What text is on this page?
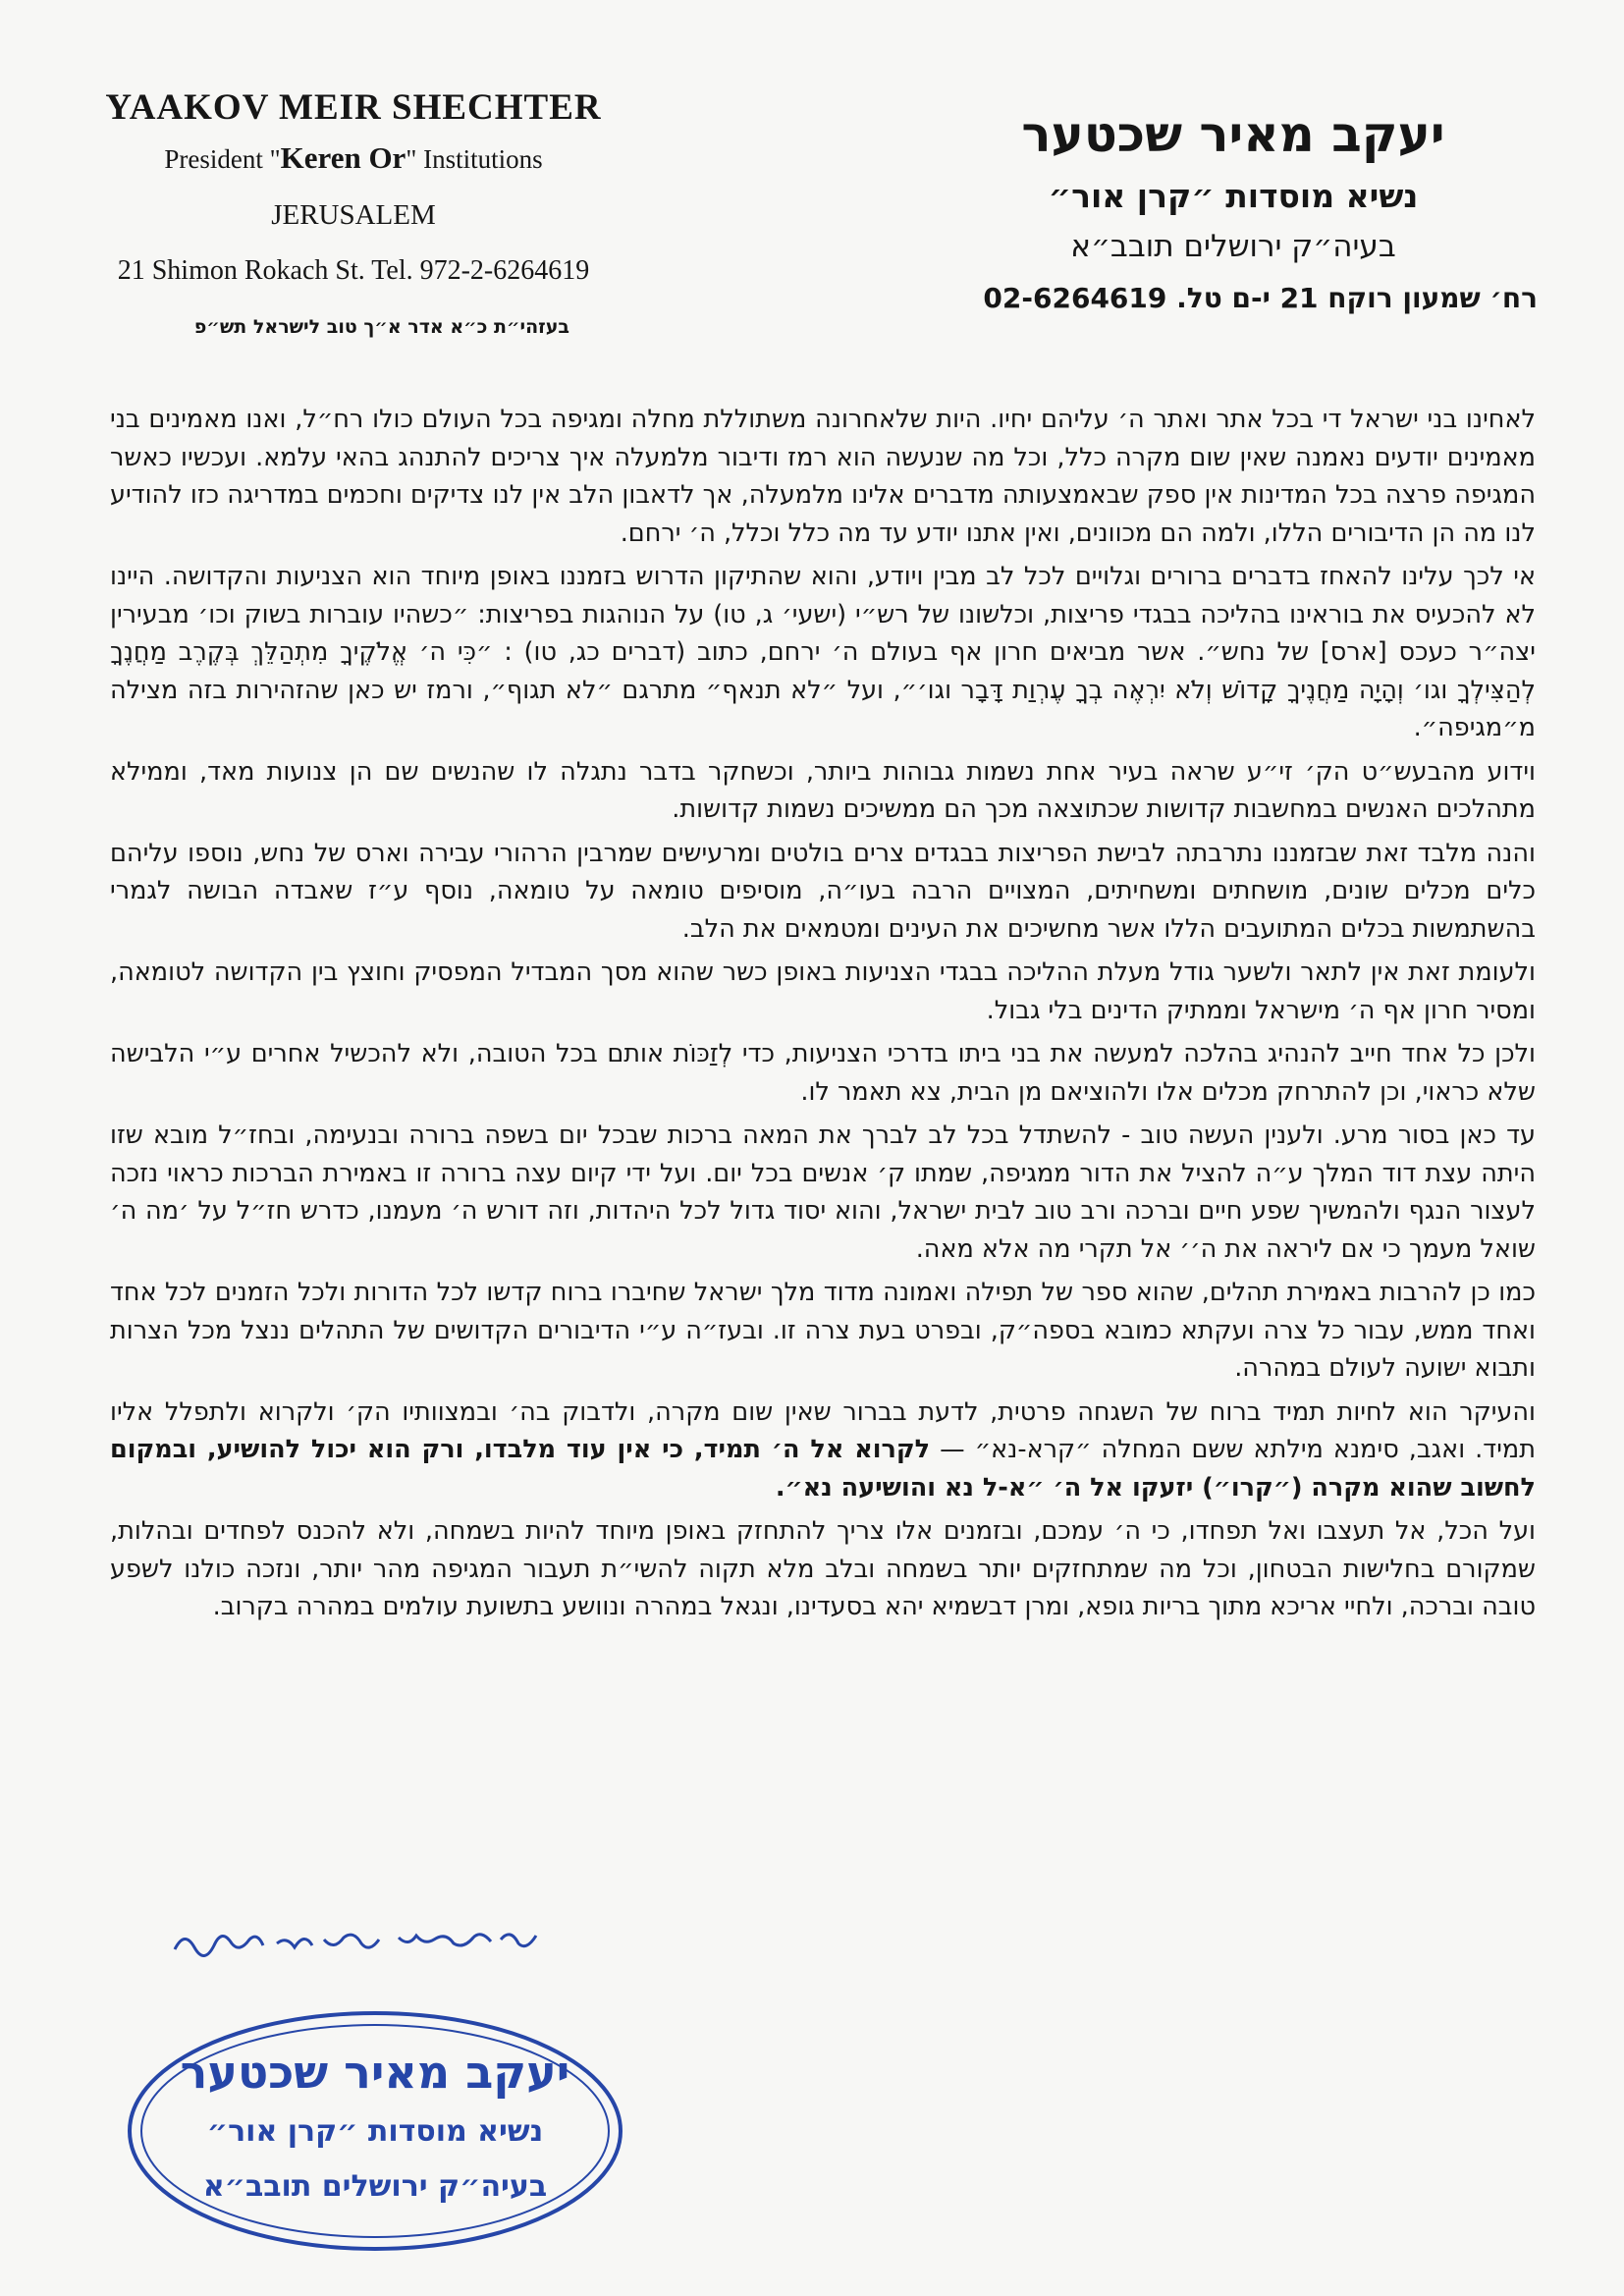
YAAKOV MEIR SHECHTER
President "Keren Or" Institutions
JERUSALEM
21 Shimon Rokach St. Tel. 972-2-6264619
יעקב מאיר שכטער
נשיא מוסדות ״קרן אור״
בעיה״ק ירושלים תובב״א
רח׳ שמעון רוקח 21 י-ם טל. 02-6264619
בעזהי״ת כ״א אדר א״ך טוב לישראל תש״פ

לאחינו בני ישראל די בכל אתר ואתר ה׳ עליהם יחיו. היות שלאחרונה משתוללת מחלה ומגיפה בכל העולם כולו רח״ל, ואנו מאמינים בני מאמינים יודעים נאמנה שאין שום מקרה כלל, וכל מה שנעשה הוא רמז ודיבור מלמעלה איך צריכים להתנהג בהאי עלמא. ועכשיו כאשר המגיפה פרצה בכל המדינות אין ספק שבאמצעותה מדברים אלינו מלמעלה, אך לדאבון הלב אין לנו צדיקים וחכמים במדריגה כזו להודיע לנו מה הן הדיבורים הללו, ולמה הם מכוונים, ואין אתנו יודע עד מה כלל וכלל, ה׳ ירחם.

אי לכך עלינו להאחז בדברים ברורים וגלויים לכל לב מבין ויודע, והוא שהתיקון הדרוש בזמננו באופן מיוחד הוא הצניעות והקדושה. היינו לא להכעיס את בוראינו בהליכה בבגדי פריצות, וכלשונו של רש״י (ישעי׳ ג, טו) על הנוהגות בפריצות: ״כשהיו עוברות בשוק וכו׳ מבעירין יצה״ר כעכס [ארס] של נחש״. אשר מביאים חרון אף בעולם ה׳ ירחם, כתוב (דברים כג, טו) : ״כִּי ה׳ אֱלֹקֶיךָ מִתְהַלֵּךְ בְּקֶרֶב מַחֲנֶךָ לְהַצִּילְךָ וגו׳ וְהָיָה מַחֲנֶיךָ קָדוֹשׁ וְלֹא יִרְאֶה בְךָ עֶרְוַת דָּבָר וגו׳״, ועל ״לא תנאף״ מתרגם ״לא תגוף״, ורמז יש כאן שהזהירות בזה מצילה מ״מגיפה״.

וידוע מהבעש״ט הק׳ זי״ע שראה בעיר אחת נשמות גבוהות ביותר, וכשחקר בדבר נתגלה לו שהנשים שם הן צנועות מאד, וממילא מתהלכים האנשים במחשבות קדושות שכתוצאה מכך הם ממשיכים נשמות קדושות.

והנה מלבד זאת שבזמננו נתרבתה לבישת הפריצות בבגדים צרים בולטים ומרעישים שמרבין הרהורי עבירה וארס של נחש, נוספו עליהם כלים מכלים שונים, מושחתים ומשחיתים, המצויים הרבה בעו״ה, מוסיפים טומאה על טומאה, נוסף ע״ז שאבדה הבושה לגמרי בהשתמשות בכלים המתועבים הללו אשר מחשיכים את העינים ומטמאים את הלב.

ולעומת זאת אין לתאר ולשער גודל מעלת ההליכה בבגדי הצניעות באופן כשר שהוא מסך המבדיל המפסיק וחוצץ בין הקדושה לטומאה, ומסיר חרון אף ה׳ מישראל וממתיק הדינים בלי גבול.

ולכן כל אחד חייב להנהיג בהלכה למעשה את בני ביתו בדרכי הצניעות, כדי לְזַכּוֹת אותם בכל הטובה, ולא להכשיל אחרים ע״י הלבישה שלא כראוי, וכן להתרחק מכלים אלו ולהוציאם מן הבית, צא תאמר לו.

עד כאן בסור מרע. ולענין העשה טוב - להשתדל בכל לב לברך את המאה ברכות שבכל יום בשפה ברורה ובנעימה, ובחז״ל מובא שזו היתה עצת דוד המלך ע״ה להציל את הדור ממגיפה, שמתו ק׳ אנשים בכל יום. ועל ידי קיום עצה ברורה זו באמירת הברכות כראוי נזכה לעצור הנגף ולהמשיך שפע חיים וברכה ורב טוב לבית ישראל, והוא יסוד גדול לכל היהדות, וזה דורש ה׳ מעמנו, כדרש חז״ל על ׳מה ה׳ שואל מעמך כי אם ליראה את ה׳׳ אל תקרי מה אלא מאה.

כמו כן להרבות באמירת תהלים, שהוא ספר של תפילה ואמונה מדוד מלך ישראל שחיברו ברוח קדשו לכל הדורות ולכל הזמנים לכל אחד ואחד ממש, עבור כל צרה ועקתא כמובא בספה״ק, ובפרט בעת צרה זו. ובעז״ה ע״י הדיבורים הקדושים של התהלים ננצל מכל הצרות ותבוא ישועה לעולם במהרה.

והעיקר הוא לחיות תמיד ברוח של השגחה פרטית, לדעת בברור שאין שום מקרה, ולדבוק בה׳ ובמצוותיו הק׳ ולקרוא ולתפלל אליו תמיד. ואגב, סימנא מילתא ששם המחלה ״קרא-נא״ — לקרוא אל ה׳ תמיד, כי אין עוד מלבדו, ורק הוא יכול להושיע, ובמקום לחשוב שהוא מקרה (״קרו״) יזעקו אל ה׳ ״א-ל נא והושיעה נא״.

ועל הכל, אל תעצבו ואל תפחדו, כי ה׳ עמכם, ובזמנים אלו צריך להתחזק באופן מיוחד להיות בשמחה, ולא להכנס לפחדים ובהלות, שמקורם בחלישות הבטחון, וכל מה שמתחזקים יותר בשמחה ובלב מלא תקוה להשי״ת תעבור המגיפה מהר יותר, ונזכה כולנו לשפע טובה וברכה, ולחיי אריכא מתוך בריות גופא, ומרן דבשמיא יהא בסעדינו, ונגאל במהרה ונוושע בתשועת עולמים במהרה בקרוב.

יעקב מאיר שכטער
נשיא מוסדות ״קרן אור״
בעיה״ק ירושלים תובב״א
